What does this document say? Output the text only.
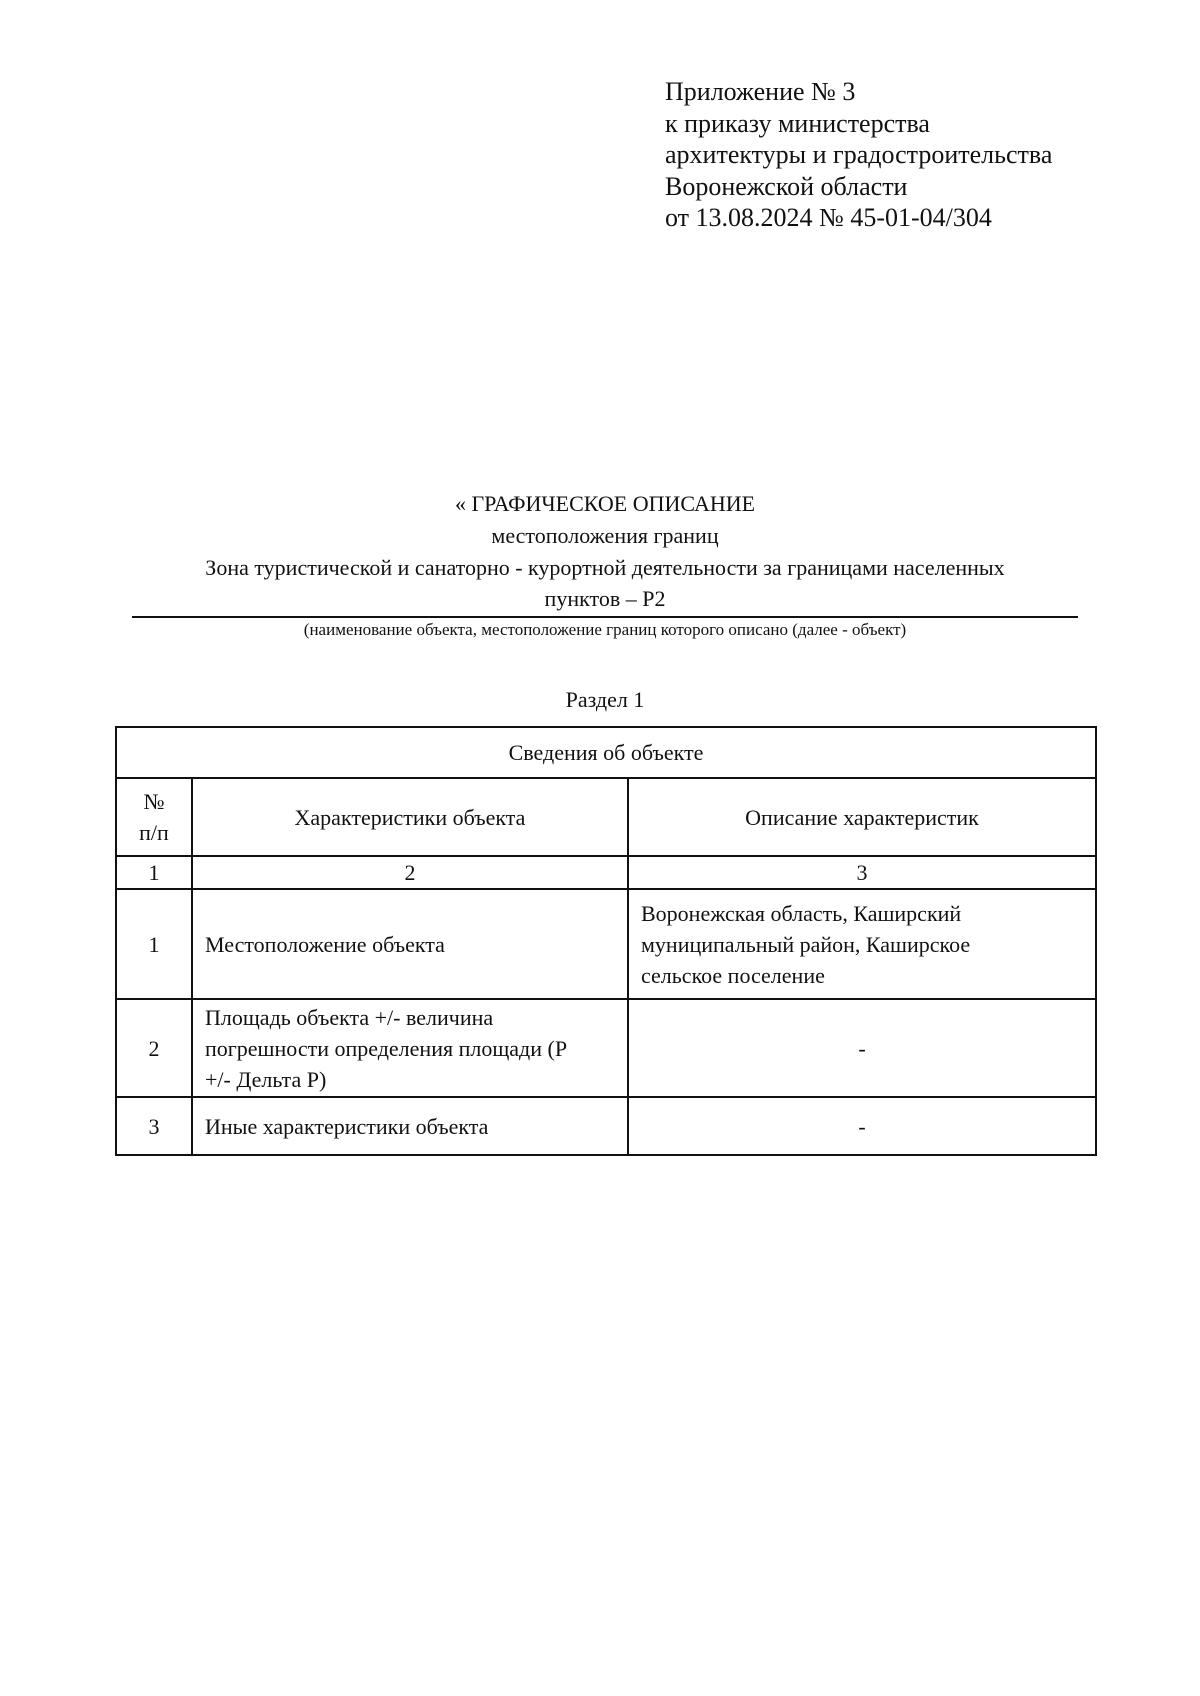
Приложение № 3
к приказу министерства
архитектуры и градостроительства
Воронежской области
от 13.08.2024 № 45-01-04/304
« ГРАФИЧЕСКОЕ ОПИСАНИЕ
местоположения границ
Зона туристической и санаторно - курортной деятельности за границами населенных
пунктов – Р2
(наименование объекта, местоположение границ которого описано (далее - объект)
Раздел 1
Сведения об объекте		

№
п/п	Характеристики объекта	Описание характеристик
1	2	3
1	Местоположение объекта	Воронежская область, Каширский
муниципальный район, Каширское
сельское поселение

2	Площадь объекта +/- величина
погрешности определения площади (Р
+/- Дельта Р)	-
3	Иные характеристики объекта	-
